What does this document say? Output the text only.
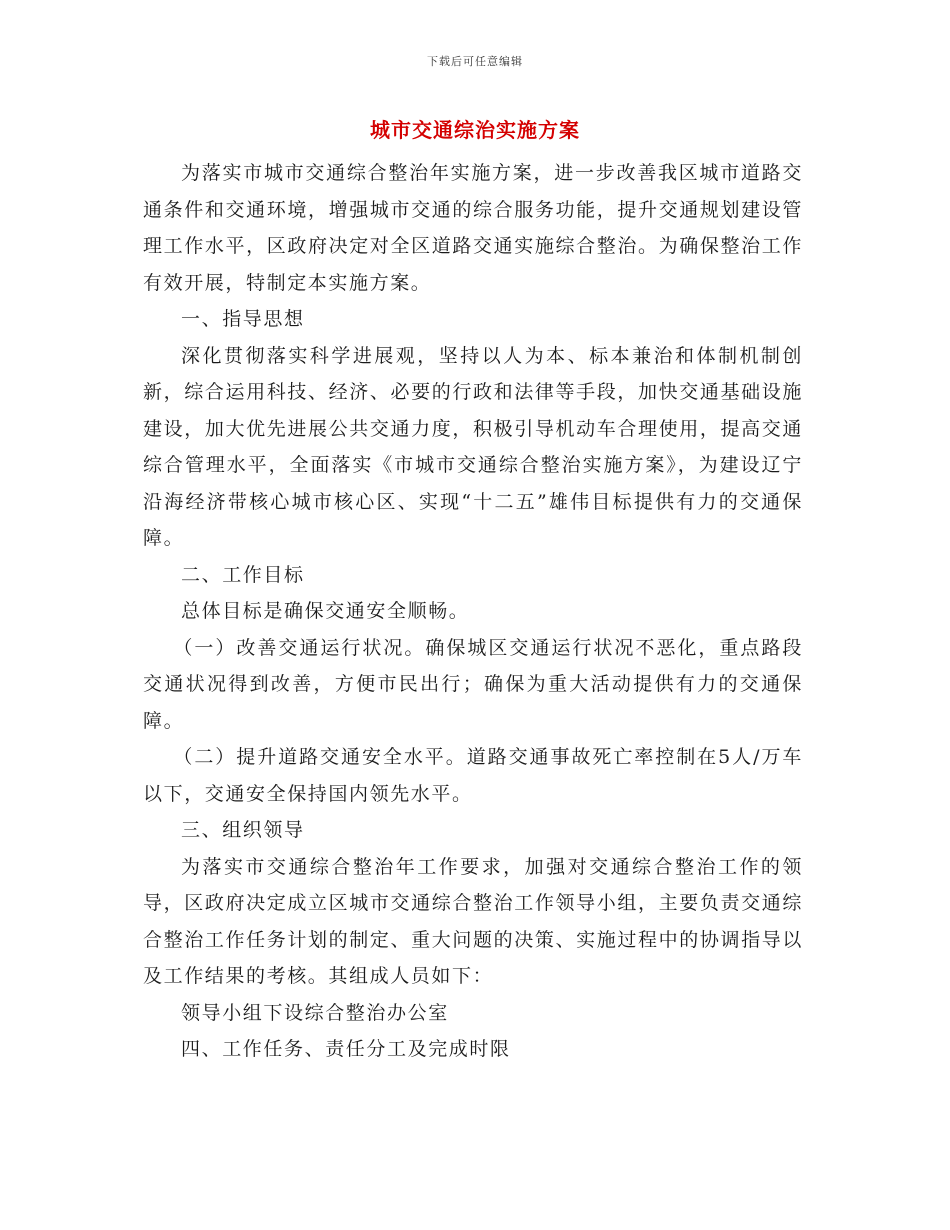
下载后可任意编辑
城市交通综治实施方案

为落实市城市交通综合整治年实施方案，进一步改善我区城市道路交通条件和交通环境，增强城市交通的综合服务功能，提升交通规划建设管理工作水平，区政府决定对全区道路交通实施综合整治。为确保整治工作有效开展，特制定本实施方案。

一、指导思想

深化贯彻落实科学进展观，坚持以人为本、标本兼治和体制机制创新，综合运用科技、经济、必要的行政和法律等手段，加快交通基础设施建设，加大优先进展公共交通力度，积极引导机动车合理使用，提高交通综合管理水平，全面落实《市城市交通综合整治实施方案》，为建设辽宁沿海经济带核心城市核心区、实现“十二五”雄伟目标提供有力的交通保障。

二、工作目标

总体目标是确保交通安全顺畅。

（一）改善交通运行状况。确保城区交通运行状况不恶化，重点路段交通状况得到改善，方便市民出行；确保为重大活动提供有力的交通保障。

（二）提升道路交通安全水平。道路交通事故死亡率控制在5人/万车以下，交通安全保持国内领先水平。

三、组织领导

为落实市交通综合整治年工作要求，加强对交通综合整治工作的领导，区政府决定成立区城市交通综合整治工作领导小组，主要负责交通综合整治工作任务计划的制定、重大问题的决策、实施过程中的协调指导以及工作结果的考核。其组成人员如下：

领导小组下设综合整治办公室

四、工作任务、责任分工及完成时限
